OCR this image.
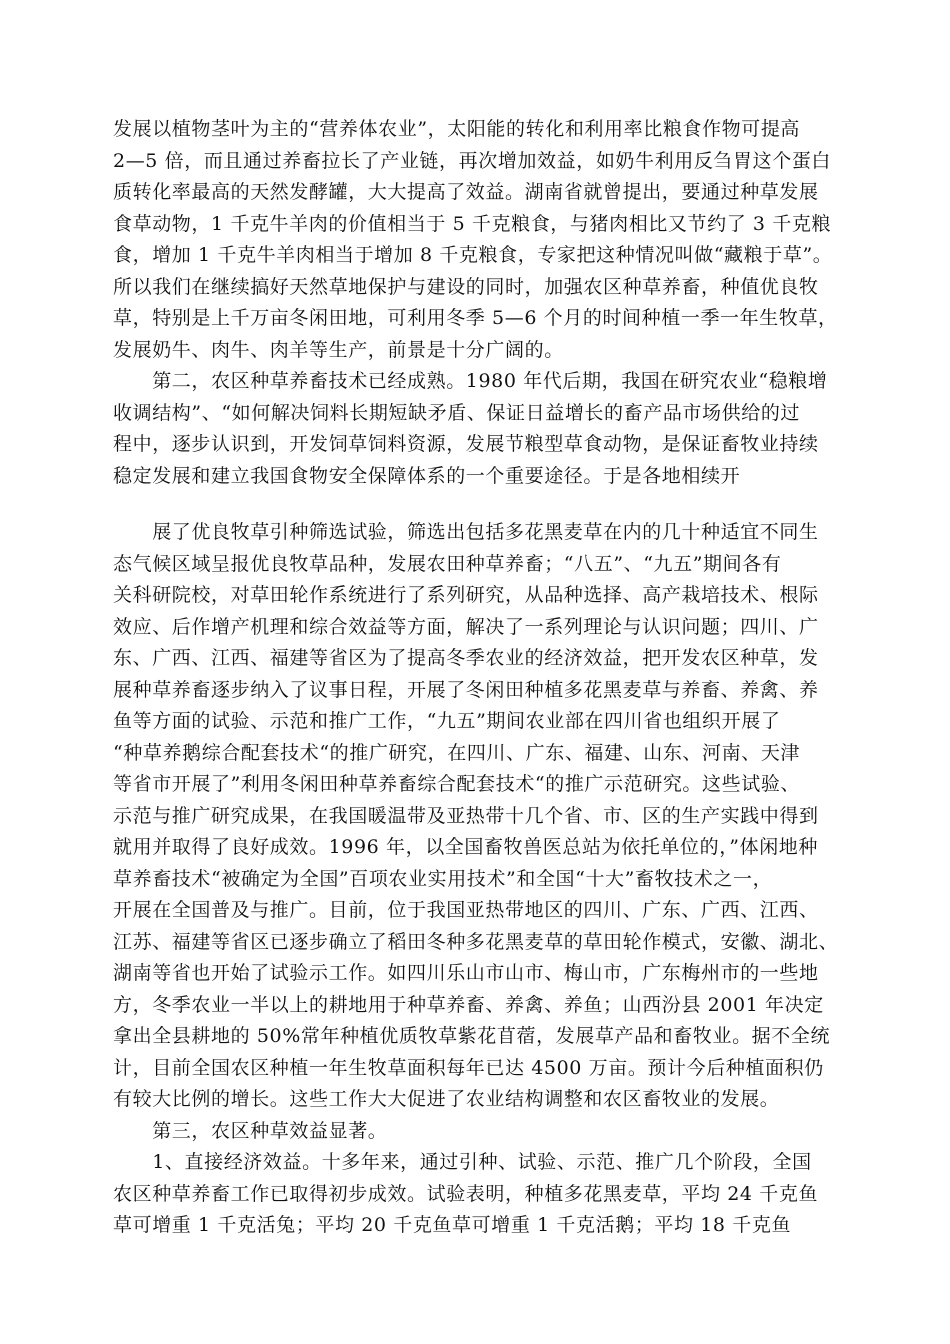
发展以植物茎叶为主的“营养体农业”，太阳能的转化和利用率比粮食作物可提高
2—5 倍，而且通过养畜拉长了产业链，再次增加效益，如奶牛利用反刍胃这个蛋白
质转化率最高的天然发酵罐，大大提高了效益。湖南省就曾提出，要通过种草发展
食草动物，1 千克牛羊肉的价值相当于 5 千克粮食，与猪肉相比又节约了 3 千克粮
食，增加 1 千克牛羊肉相当于增加 8 千克粮食，专家把这种情况叫做“藏粮于草”。
所以我们在继续搞好天然草地保护与建设的同时，加强农区种草养畜，种值优良牧
草，特别是上千万亩冬闲田地，可利用冬季 5—6 个月的时间种植一季一年生牧草，
发展奶牛、肉牛、肉羊等生产，前景是十分广阔的。
　　第二，农区种草养畜技术已经成熟。1980 年代后期，我国在研究农业“稳粮增
收调结构”、“如何解决饲料长期短缺矛盾、保证日益增长的畜产品市场供给的过
程中，逐步认识到，开发饲草饲料资源，发展节粮型草食动物，是保证畜牧业持续
稳定发展和建立我国食物安全保障体系的一个重要途径。于是各地相续开
　　展了优良牧草引种筛选试验，筛选出包括多花黑麦草在内的几十种适宜不同生
态气候区域呈报优良牧草品种，发展农田种草养畜；“八五”、“九五”期间各有
关科研院校，对草田轮作系统进行了系列研究，从品种选择、高产栽培技术、根际
效应、后作增产机理和综合效益等方面，解决了一系列理论与认识问题；四川、广
东、广西、江西、福建等省区为了提高冬季农业的经济效益，把开发农区种草，发
展种草养畜逐步纳入了议事日程，开展了冬闲田种植多花黑麦草与养畜、养禽、养
鱼等方面的试验、示范和推广工作，“九五”期间农业部在四川省也组织开展了
“种草养鹅综合配套技术“的推广研究，在四川、广东、福建、山东、河南、天津
等省市开展了”利用冬闲田种草养畜综合配套技术“的推广示范研究。这些试验、
示范与推广研究成果，在我国暖温带及亚热带十几个省、市、区的生产实践中得到
就用并取得了良好成效。1996 年，以全国畜牧兽医总站为依托单位的，”体闲地种
草养畜技术“被确定为全国”百项农业实用技术”和全国“十大”畜牧技术之一，
开展在全国普及与推广。目前，位于我国亚热带地区的四川、广东、广西、江西、
江苏、福建等省区已逐步确立了稻田冬种多花黑麦草的草田轮作模式，安徽、湖北、
湖南等省也开始了试验示工作。如四川乐山市山市、梅山市，广东梅州市的一些地
方，冬季农业一半以上的耕地用于种草养畜、养禽、养鱼；山西汾县 2001 年决定
拿出全县耕地的 50%常年种植优质牧草紫花苜蓿，发展草产品和畜牧业。据不全统
计，目前全国农区种植一年生牧草面积每年已达 4500 万亩。预计今后种植面积仍
有较大比例的增长。这些工作大大促进了农业结构调整和农区畜牧业的发展。
　　第三，农区种草效益显著。
　　1、直接经济效益。十多年来，通过引种、试验、示范、推广几个阶段，全国
农区种草养畜工作已取得初步成效。试验表明，种植多花黑麦草，平均 24 千克鱼
草可增重 1 千克活兔；平均 20 千克鱼草可增重 1 千克活鹅；平均 18 千克鱼
